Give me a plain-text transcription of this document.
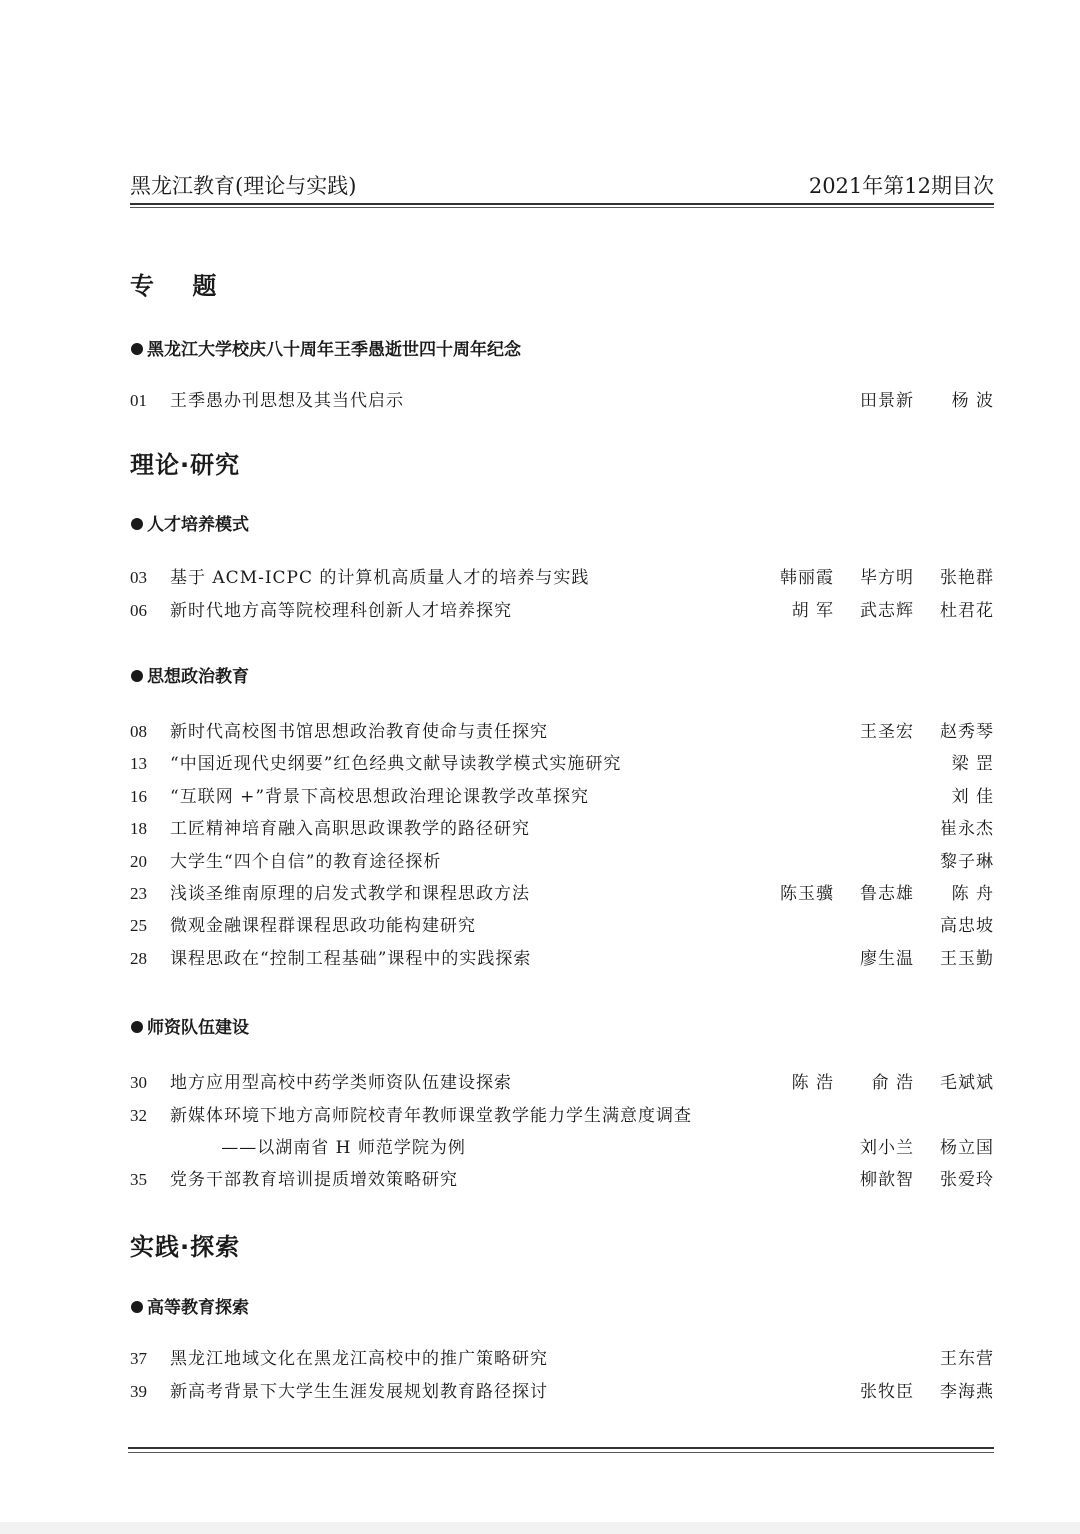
黑龙江教育(理论与实践)	2021年第12期目次
专    题
黑龙江大学校庆八十周年王季愚逝世四十周年纪念
01 王季愚办刊思想及其当代启示	田景新 杨 波
理论·研究
人才培养模式
03 基于 ACM-ICPC 的计算机高质量人才的培养与实践	韩丽霞 毕方明 张艳群
06 新时代地方高等院校理科创新人才培养探究	胡 军 武志辉 杜君花
思想政治教育
08 新时代高校图书馆思想政治教育使命与责任探究	王圣宏 赵秀琴
13 “中国近现代史纲要”红色经典文献导读教学模式实施研究	梁 罡
16 “互联网 +”背景下高校思想政治理论课教学改革探究	刘 佳
18 工匠精神培育融入高职思政课教学的路径研究	崔永杰
20 大学生“四个自信”的教育途径探析	黎子琳
23 浅谈圣维南原理的启发式教学和课程思政方法	陈玉骥 鲁志雄 陈 舟
25 微观金融课程群课程思政功能构建研究	高忠坡
28 课程思政在“控制工程基础”课程中的实践探索	廖生温 王玉勤
师资队伍建设
30 地方应用型高校中药学类师资队伍建设探索	陈 浩 俞 浩 毛斌斌
32 新媒体环境下地方高师院校青年教师课堂教学能力学生满意度调查
——以湖南省 H 师范学院为例	刘小兰 杨立国
35 党务干部教育培训提质增效策略研究	柳歆智 张爱玲
实践·探索
高等教育探索
37 黑龙江地域文化在黑龙江高校中的推广策略研究	王东营
39 新高考背景下大学生生涯发展规划教育路径探讨	张牧臣 李海燕
